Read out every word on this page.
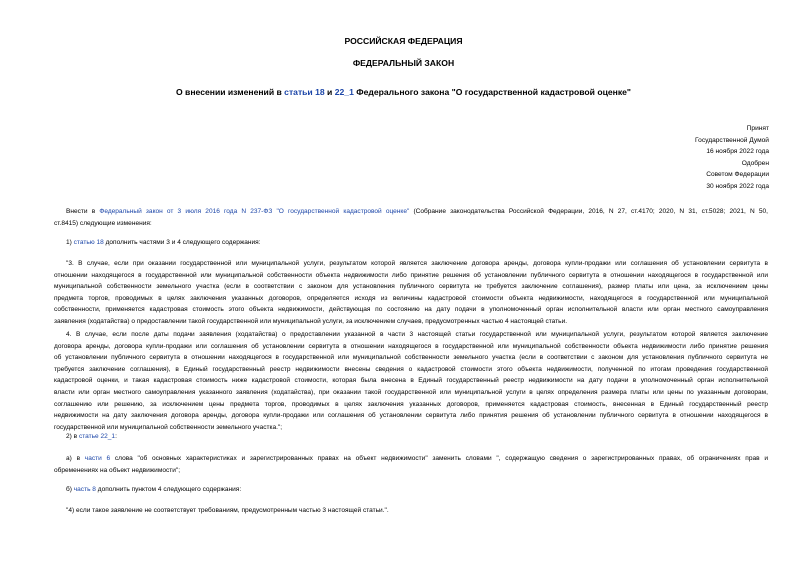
РОССИЙСКАЯ ФЕДЕРАЦИЯ
ФЕДЕРАЛЬНЫЙ ЗАКОН
О внесении изменений в статьи 18 и 22_1 Федерального закона "О государственной кадастровой оценке"
Принят
Государственной Думой
16 ноября 2022 года
Одобрен
Советом Федерации
30 ноября 2022 года
Внести в Федеральный закон от 3 июля 2016 года N 237-ФЗ "О государственной кадастровой оценке" (Собрание законодательства Российской Федерации, 2016, N 27, ст.4170; 2020, N 31, ст.5028; 2021, N 50,
ст.8415) следующие изменения:
1) статью 18 дополнить частями 3 и 4 следующего содержания:
"3. В случае, если при оказании государственной или муниципальной услуги, результатом которой является заключение договора аренды, договора купли-продажи или соглашения об установлении сервитута в
отношении находящегося в государственной или муниципальной собственности объекта недвижимости либо принятие решения об установлении публичного сервитута в отношении находящегося в государственной или
муниципальной собственности земельного участка (если в соответствии с законом для установления публичного сервитута не требуется заключение соглашения), размер платы или цена, за исключением цены
предмета торгов, проводимых в целях заключения указанных договоров, определяется исходя из величины кадастровой стоимости объекта недвижимости, находящегося в государственной или муниципальной
собственности, применяется кадастровая стоимость этого объекта недвижимости, действующая по состоянию на дату подачи в уполномоченный орган исполнительной власти или орган местного самоуправления
заявления (ходатайства) о предоставлении такой государственной или муниципальной услуги, за исключением случаев, предусмотренных частью 4 настоящей статьи.
4. В случае, если после даты подачи заявления (ходатайства) о предоставлении указанной в части 3 настоящей статьи государственной или муниципальной услуги, результатом которой является заключение
договора аренды, договора купли-продажи или соглашения об установлении сервитута в отношении находящегося в государственной или муниципальной собственности объекта недвижимости либо принятие решения
об установлении публичного сервитута в отношении находящегося в государственной или муниципальной собственности земельного участка (если в соответствии с законом для установления публичного сервитута не
требуется заключение соглашения), в Единый государственный реестр недвижимости внесены сведения о кадастровой стоимости этого объекта недвижимости, полученной по итогам проведения государственной
кадастровой оценки, и такая кадастровая стоимость ниже кадастровой стоимости, которая была внесена в Единый государственный реестр недвижимости на дату подачи в уполномоченный орган исполнительной
власти или орган местного самоуправления указанного заявления (ходатайства), при оказании такой государственной или муниципальной услуги в целях определения размера платы или цены по указанным договорам,
соглашению или решению, за исключением цены предмета торгов, проводимых в целях заключения указанных договоров, применяется кадастровая стоимость, внесенная в Единый государственный реестр
недвижимости на дату заключения договора аренды, договора купли-продажи или соглашения об установлении сервитута либо принятия решения об установлении публичного сервитута в отношении находящегося в
государственной или муниципальной собственности земельного участка.";
2) в статье 22_1:
а) в части 6 слова "об основных характеристиках и зарегистрированных правах на объект недвижимости" заменить словами ", содержащую сведения о зарегистрированных правах, об ограничениях прав и
обременениях на объект недвижимости";
б) часть 8 дополнить пунктом 4 следующего содержания:
"4) если такое заявление не соответствует требованиям, предусмотренным частью 3 настоящей статьи.".
